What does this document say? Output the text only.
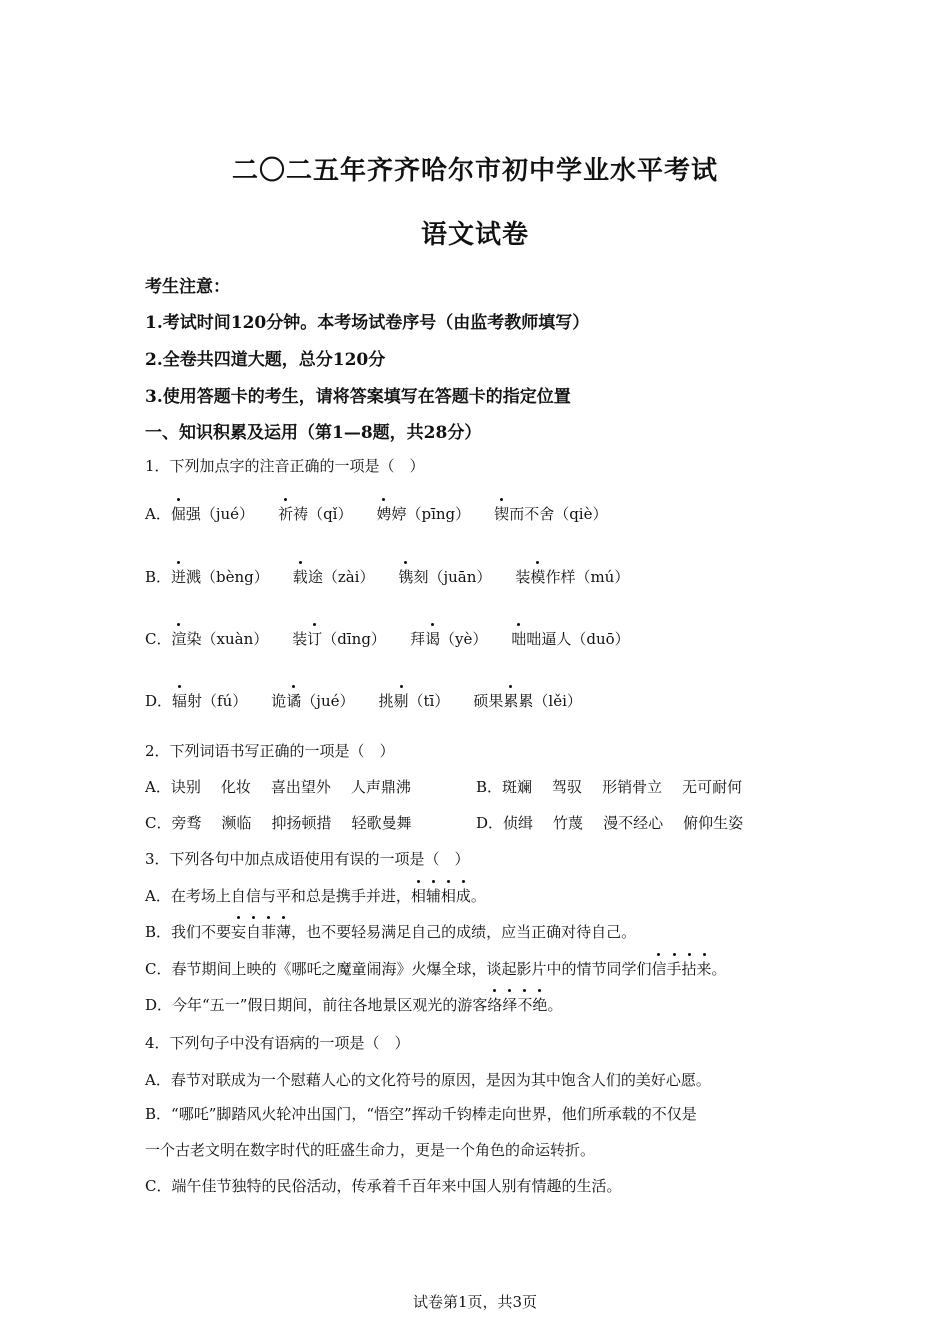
二〇二五年齐齐哈尔市初中学业水平考试
语文试卷
考生注意：
1.考试时间120分钟。本考场试卷序号（由监考教师填写）
2.全卷共四道大题，总分120分
3.使用答题卡的考生，请将答案填写在答题卡的指定位置
一、知识积累及运用（第1—8题，共28分）
1．下列加点字的注音正确的一项是（　）
A．倔强（jué） 祈祷（qǐ） 娉婷（pīng） 锲而不舍（qiè）
B．迸溅（bèng） 载途（zài） 镌刻（juān） 装模作样（mú）
C．渲染（xuàn） 装订（dīng） 拜谒（yè） 咄咄逼人（duō）
D．辐射（fú） 诡谲（jué） 挑剔（tī） 硕果累累（lěi）
2．下列词语书写正确的一项是（　）
A．诀别 化妆 喜出望外 人声鼎沸	B．斑斓 驾驭 形销骨立 无可耐何
C．旁骛 濒临 抑扬顿措 轻歌曼舞	D．侦缉 竹蔑 漫不经心 俯仰生姿
3．下列各句中加点成语使用有误的一项是（　）
A．在考场上自信与平和总是携手并进，相辅相成。
B．我们不要妄自菲薄，也不要轻易满足自己的成绩，应当正确对待自己。
C．春节期间上映的《哪吒之魔童闹海》火爆全球，谈起影片中的情节同学们信手拈来。
D．今年“五一”假日期间，前往各地景区观光的游客络绎不绝。
4．下列句子中没有语病的一项是（　）
A．春节对联成为一个慰藉人心的文化符号的原因，是因为其中饱含人们的美好心愿。
B．“哪吒”脚踏风火轮冲出国门，“悟空”挥动千钧棒走向世界，他们所承载的不仅是
一个古老文明在数字时代的旺盛生命力，更是一个角色的命运转折。
C．端午佳节独特的民俗活动，传承着千百年来中国人别有情趣的生活。
试卷第1页，共3页
